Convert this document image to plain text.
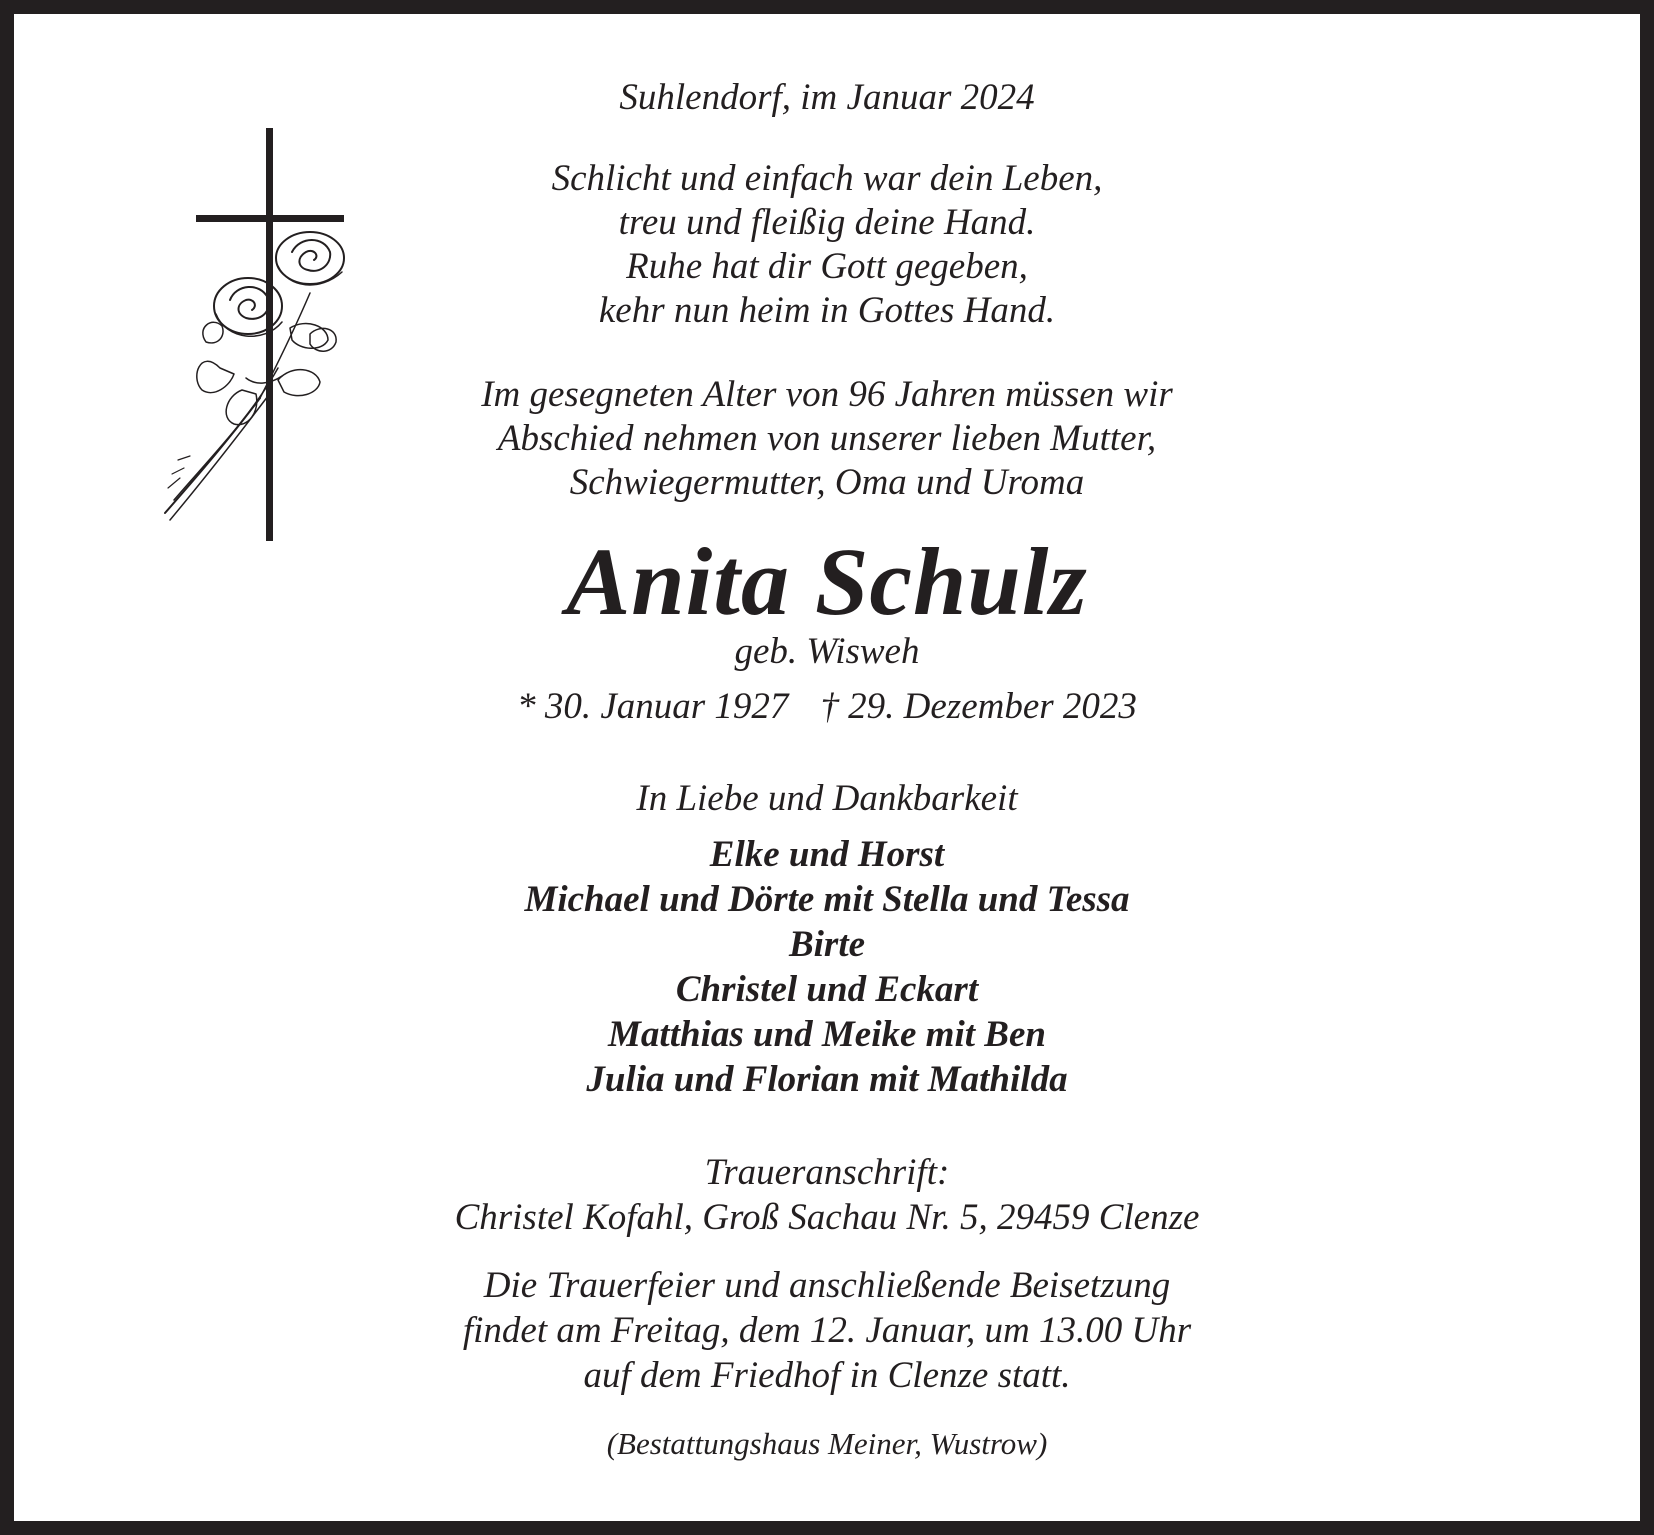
Suhlendorf, im Januar 2024
Schlicht und einfach war dein Leben,
treu und fleißig deine Hand.
Ruhe hat dir Gott gegeben,
kehr nun heim in Gottes Hand.
Im gesegneten Alter von 96 Jahren müssen wir
Abschied nehmen von unserer lieben Mutter,
Schwiegermutter, Oma und Uroma
Anita Schulz
geb. Wisweh
* 30. Januar 1927 † 29. Dezember 2023
In Liebe und Dankbarkeit
Elke und Horst
Michael und Dörte mit Stella und Tessa
Birte
Christel und Eckart
Matthias und Meike mit Ben
Julia und Florian mit Mathilda
Traueranschrift:
Christel Kofahl, Groß Sachau Nr. 5, 29459 Clenze
Die Trauerfeier und anschließende Beisetzung
findet am Freitag, dem 12. Januar, um 13.00 Uhr
auf dem Friedhof in Clenze statt.
(Bestattungshaus Meiner, Wustrow)
